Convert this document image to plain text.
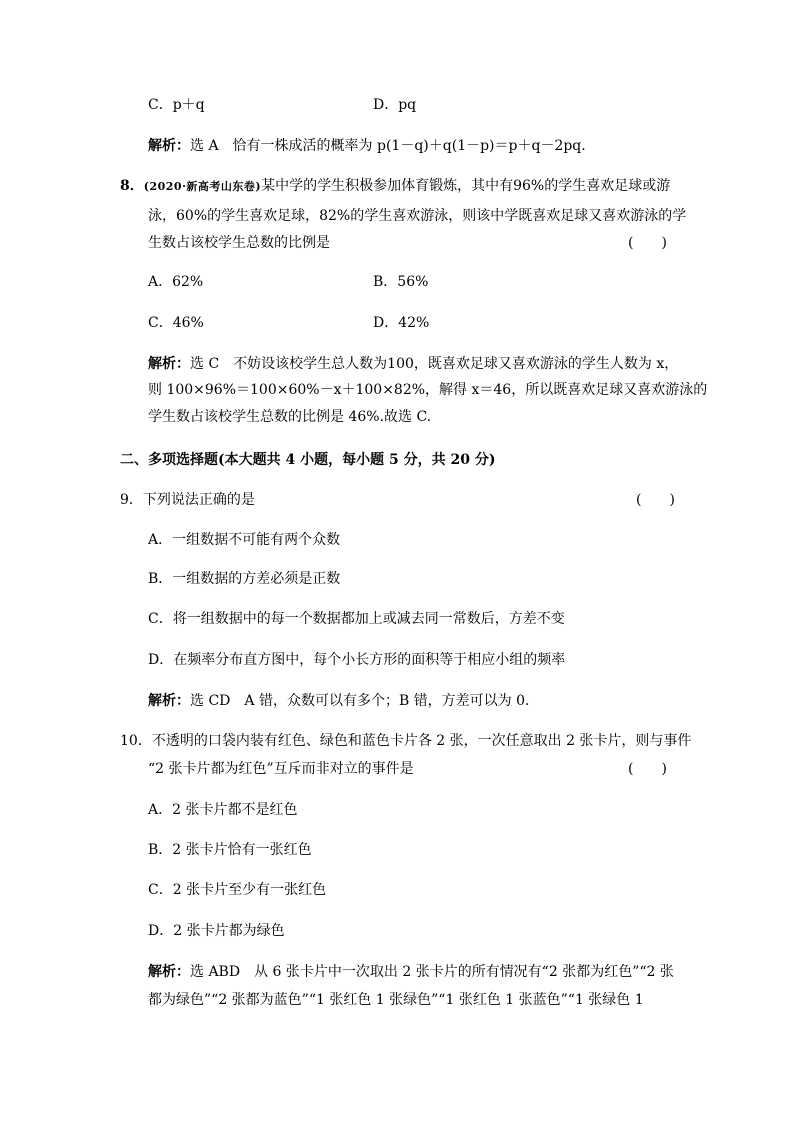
C．p＋q	D．pq
解析：选 A　恰有一株成活的概率为 p(1－q)＋q(1－p)＝p＋q－2pq.
8．(2020·新高考山东卷)某中学的学生积极参加体育锻炼，其中有96%的学生喜欢足球或游
泳，60%的学生喜欢足球，82%的学生喜欢游泳，则该中学既喜欢足球又喜欢游泳的学
生数占该校学生总数的比例是	(　　)
A．62%	B．56%
C．46%	D．42%
解析：选 C　不妨设该校学生总人数为100，既喜欢足球又喜欢游泳的学生人数为 x，
则 100×96%＝100×60%－x＋100×82%，解得 x＝46，所以既喜欢足球又喜欢游泳的
学生数占该校学生总数的比例是 46%.故选 C.
二、多项选择题(本大题共 4 小题，每小题 5 分，共 20 分)
9．下列说法正确的是	(　　)
A．一组数据不可能有两个众数
B．一组数据的方差必须是正数
C．将一组数据中的每一个数据都加上或减去同一常数后，方差不变
D．在频率分布直方图中，每个小长方形的面积等于相应小组的频率
解析：选 CD　A 错，众数可以有多个；B 错，方差可以为 0.
10．不透明的口袋内装有红色、绿色和蓝色卡片各 2 张，一次任意取出 2 张卡片，则与事件
“2 张卡片都为红色”互斥而非对立的事件是	(　　)
A．2 张卡片都不是红色
B．2 张卡片恰有一张红色
C．2 张卡片至少有一张红色
D．2 张卡片都为绿色
解析：选 ABD　从 6 张卡片中一次取出 2 张卡片的所有情况有“2 张都为红色”“2 张
都为绿色”“2 张都为蓝色”“1 张红色 1 张绿色”“1 张红色 1 张蓝色”“1 张绿色 1
